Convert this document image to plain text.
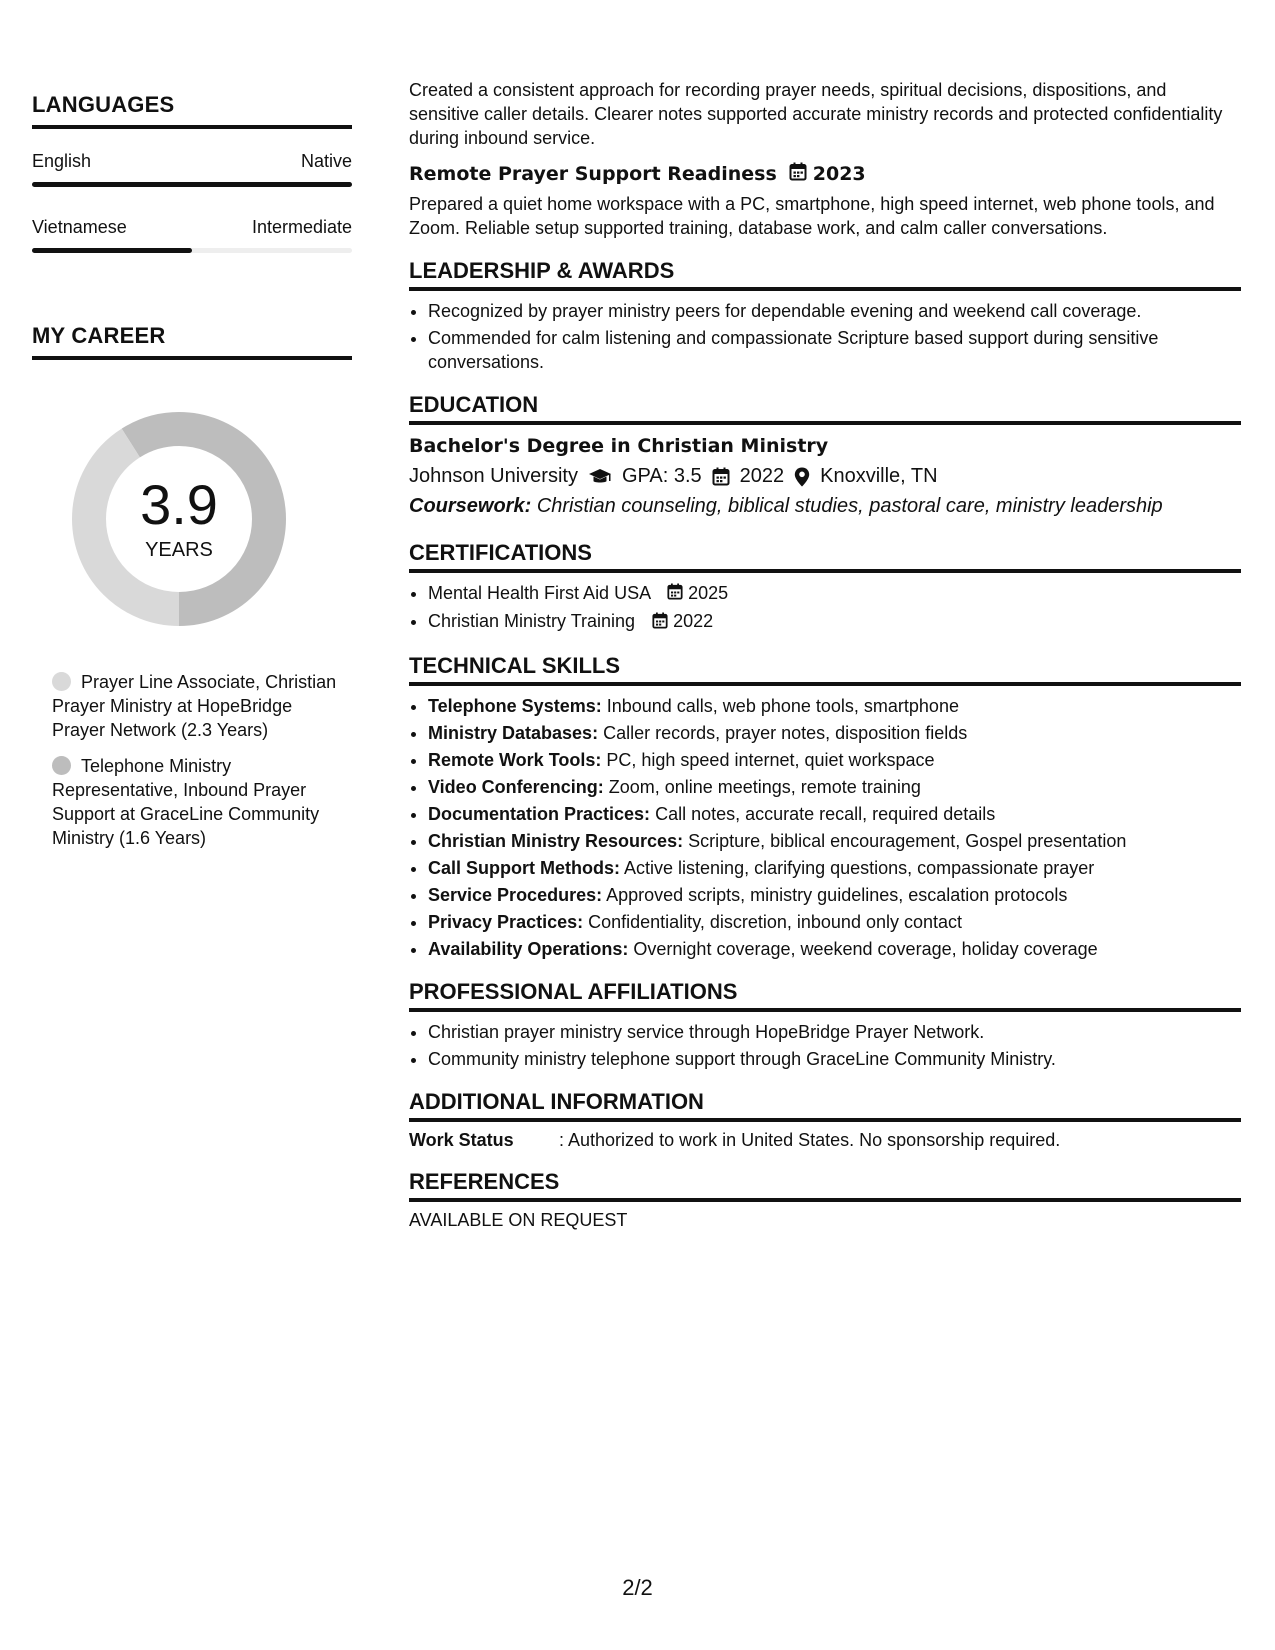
LANGUAGES
English	Native
Vietnamese	Intermediate
MY CAREER
3.9
YEARS
Prayer Line Associate, Christian Prayer Ministry at HopeBridge Prayer Network (2.3 Years)
Telephone Ministry Representative, Inbound Prayer Support at GraceLine Community Ministry (1.6 Years)

Created a consistent approach for recording prayer needs, spiritual decisions, dispositions, and sensitive caller details. Clearer notes supported accurate ministry records and protected confidentiality during inbound service.

Remote Prayer Support Readiness 2023

Prepared a quiet home workspace with a PC, smartphone, high speed internet, web phone tools, and Zoom. Reliable setup supported training, database work, and calm caller conversations.

LEADERSHIP & AWARDS
• Recognized by prayer ministry peers for dependable evening and weekend call coverage.
• Commended for calm listening and compassionate Scripture based support during sensitive conversations.
EDUCATION
Bachelor's Degree in Christian Ministry
Johnson University GPA: 3.5 2022 Knoxville, TN
Coursework: Christian counseling, biblical studies, pastoral care, ministry leadership
CERTIFICATIONS
• Mental Health First Aid USA 2025
• Christian Ministry Training 2022
TECHNICAL SKILLS
• Telephone Systems: Inbound calls, web phone tools, smartphone
• Ministry Databases: Caller records, prayer notes, disposition fields
• Remote Work Tools: PC, high speed internet, quiet workspace
• Video Conferencing: Zoom, online meetings, remote training
• Documentation Practices: Call notes, accurate recall, required details
• Christian Ministry Resources: Scripture, biblical encouragement, Gospel presentation
• Call Support Methods: Active listening, clarifying questions, compassionate prayer
• Service Procedures: Approved scripts, ministry guidelines, escalation protocols
• Privacy Practices: Confidentiality, discretion, inbound only contact
• Availability Operations: Overnight coverage, weekend coverage, holiday coverage
PROFESSIONAL AFFILIATIONS
• Christian prayer ministry service through HopeBridge Prayer Network.
• Community ministry telephone support through GraceLine Community Ministry.
ADDITIONAL INFORMATION
Work Status	: Authorized to work in United States. No sponsorship required.
REFERENCES
AVAILABLE ON REQUEST
2/2
